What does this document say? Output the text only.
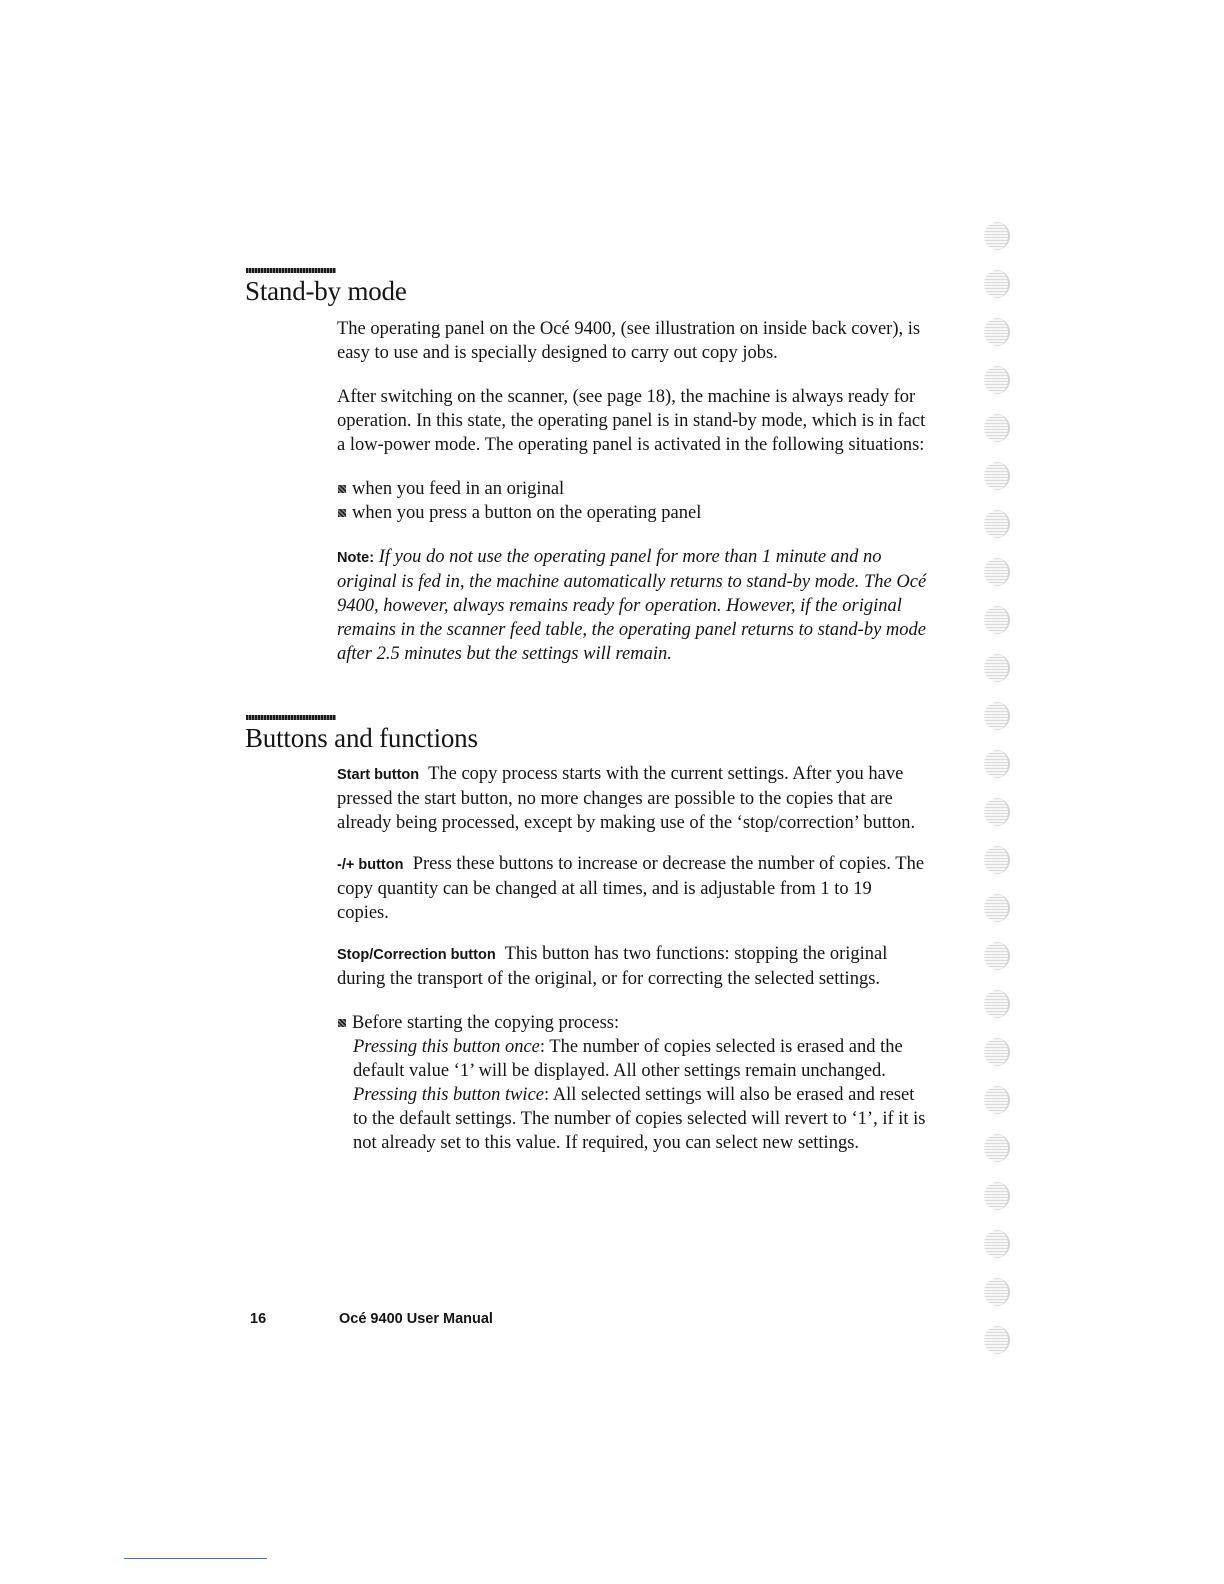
Stand-by mode

The operating panel on the Océ 9400, (see illustration on inside back cover), is easy to use and is specially designed to carry out copy jobs.

After switching on the scanner, (see page 18), the machine is always ready for operation. In this state, the operating panel is in stand-by mode, which is in fact a low-power mode. The operating panel is activated in the following situations:

when you feed in an original

when you press a button on the operating panel

Note: If you do not use the operating panel for more than 1 minute and no original is fed in, the machine automatically returns to stand-by mode. The Océ 9400, however, always remains ready for operation. However, if the original remains in the scanner feed table, the operating panel returns to stand-by mode after 2.5 minutes but the settings will remain.

Buttons and functions

Start button The copy process starts with the current settings. After you have pressed the start button, no more changes are possible to the copies that are already being processed, except by making use of the ‘stop/correction’ button.

-/+ button Press these buttons to increase or decrease the number of copies. The copy quantity can be changed at all times, and is adjustable from 1 to 19 copies.

Stop/Correction button This button has two functions: stopping the original during the transport of the original, or for correcting the selected settings.

Before starting the copying process:

Pressing this button once: The number of copies selected is erased and the default value ‘1’ will be displayed. All other settings remain unchanged.

Pressing this button twice: All selected settings will also be erased and reset to the default settings. The number of copies selected will revert to ‘1’, if it is not already set to this value. If required, you can select new settings.

16	Océ 9400 User Manual
